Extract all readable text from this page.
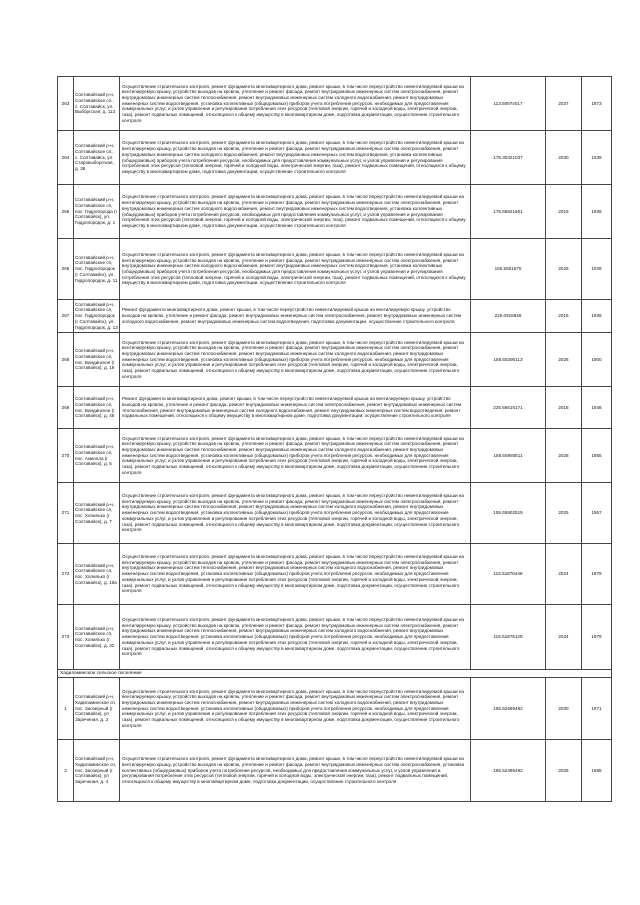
263	Солтавайский р-н, Солтавайское сп., с. Солтавайск, ул. Выборгская, д. 113	Осуществление строительного контроля, ремонт фундамента многоквартирного дома, ремонт крыши, в том числе переустройство невентилируемой крыши на вентилируемую крышу, устройство выходов на кровлю, утепление и ремонт фасада, ремонт внутридомовых инженерных систем электроснабжения, ремонт внутридомовых инженерных систем теплоснабжения, ремонт внутридомовых инженерных систем холодного водоснабжения, ремонт внутридомовых инженерных систем водоотведения, установка коллективных (общедомовых) приборов учета потребления ресурсов, необходимых для предоставления коммунальных услуг, и узлов управления и регулирования потребления этих ресурсов (тепловой энергии, горячей и холодной воды, электрической энергии, газа), ремонт подвальных помещений, относящихся к общему имуществу в многоквартирном доме, подготовка документации, осуществление строительного контроля	113.50974017	2037	1973
264	Солтавайский р-н, Солтавайское сп., с. Солтавайск, ул. Старовыборгская, д. 36	Осуществление строительного контроля, ремонт фундамента многоквартирного дома, ремонт крыши, в том числе переустройство невентилируемой крыши на вентилируемую крышу, устройство выходов на кровлю, утепление и ремонт фасада, ремонт внутридомовых инженерных систем электроснабжения, ремонт внутридомовых инженерных систем холодного водоснабжения, ремонт внутридомовых инженерных систем водоотведения, установка коллективных (общедомовых) приборов учета потребления ресурсов, необходимых для предоставления коммунальных услуг, и узлов управления и регулирования потребления этих ресурсов (тепловой энергии, горячей и холодной воды, электрической энергии, газа), ремонт подвальных помещений, относящихся к общему имуществу в многоквартирном доме, подготовка документации, осуществление строительного контроля	175.30421037	2030	1939
265	Солтавайский р-н, Солтавайское сп, пос. Гидропорода (г Солтавайск), ул. Гидропородок, д. 1	Осуществление строительного контроля, ремонт фундамента многоквартирного дома, ремонт крыши, в том числе переустройство невентилируемой крыши на вентилируемую крышу, устройство выходов на кровлю, утепление и ремонт фасада, ремонт внутридомовых инженерных систем электроснабжения, ремонт внутридомовых инженерных систем холодного водоснабжения, ремонт внутридомовых инженерных систем водоотведения, установка коллективных (общедомовых) приборов учета потребления ресурсов, необходимых для предоставления коммунальных услуг, и узлов управления и регулирования потребления этих ресурсов (тепловой энергии, горячей и холодной воды, электрической энергии, газа), ремонт подвальных помещений, относящихся к общему имуществу в многоквартирном доме, подготовка документации, осуществление строительного контроля	176.55821601	2019	1939
266	Солтавайский р-н, Солтавайское сп, пос. Гидропородок (г Солтавайск), ул. Гидропородок, д. 11	Осуществление строительного контроля, ремонт фундамента многоквартирного дома, ремонт крыши, в том числе переустройство невентилируемой крыши на вентилируемую крышу, устройство выходов на кровлю, утепление и ремонт фасада, ремонт внутридомовых инженерных систем электроснабжения, ремонт внутридомовых инженерных систем холодного водоснабжения, ремонт внутридомовых инженерных систем водоотведения, установка коллективных (общедомовых) приборов учета потребления ресурсов, необходимых для предоставления коммунальных услуг, и узлов управления и регулирования потребления этих ресурсов (тепловой энергии, горячей и холодной воды, электрической энергии, газа), ремонт подвальных помещений, относящихся к общему имуществу в многоквартирном доме, подготовка документации, осуществление строительного контроля	155.5551575	2025	1939
267	Солтавайский р-н, Солтавайское сп, пос. Гидропородок (г Солтавайск), ул. Гидропородок, д. 13	Ремонт фундамента многоквартирного дома, ремонт крыши, в том числе переустройство невентилируемой крыши на вентилируемую крышу, устройство выходов на кровлю, утепление и ремонт фасада, ремонт внутридомовых инженерных систем электроснабжения, ремонт внутридомовых инженерных систем холодного водоснабжения, ремонт внутридомовых инженерных систем водоотведения, подготовка документации, осуществление строительного контроля	225.0918848	2016	1939
268	Солтавайский р-н, Солтавайское сп, пос. Вандинское (г Солтавайск), д. 19	Осуществление строительного контроля, ремонт фундамента многоквартирного дома, ремонт крыши, в том числе переустройство невентилируемой крыши на вентилируемую крышу, устройство выходов на кровлю, утепление и ремонт фасада, ремонт внутридомовых инженерных систем электроснабжения, ремонт внутридомовых инженерных систем теплоснабжения, ремонт внутридомовых инженерных систем холодного водоснабжения, ремонт внутридомовых инженерных систем водоотведения, установка коллективных (общедомовых) приборов учета потребления ресурсов, необходимых для предоставления коммунальных услуг, и узлов управления и регулирования потребления этих ресурсов (тепловой энергии, горячей и холодной воды, электрической энергии, газа), ремонт подвальных помещений, относящихся к общему имуществу в многоквартирном доме, подготовка документации, осуществление строительного контроля	155.55390113	2026	1900
269	Солтавайский р-н, Солтавайское сп, пос. Вандинское (г Солтавайск), д. 46	Ремонт фундамента многоквартирного дома, ремонт крыши, в том числе переустройство невентилируемой крыши на вентилируемую крышу, устройство выходов на кровлю, утепление и ремонт фасада, ремонт внутридомовых инженерных систем электроснабжения, ремонт внутридомовых инженерных систем теплоснабжения, ремонт внутридомовых инженерных систем холодного водоснабжения, ремонт внутридомовых инженерных систем водоотведения, ремонт подвальных помещений, относящихся к общему имуществу в многоквартирном доме, подготовка документации, осуществление строительного контроля	225.56616171	2018	1948
270	Солтавайский р-н, Солтавайское сп, пос. Акмолла (г Солтавайск), д. 5	Осуществление строительного контроля, ремонт фундамента многоквартирного дома, ремонт крыши, в том числе переустройство невентилируемой крыши на вентилируемую крышу, устройство выходов на кровлю, утепление и ремонт фасада, ремонт внутридомовых инженерных систем электроснабжения, ремонт внутридомовых инженерных систем теплоснабжения, ремонт внутридомовых инженерных систем холодного водоснабжения, ремонт внутридомовых инженерных систем водоотведения, установка коллективных (общедомовых) приборов учета потребления ресурсов, необходимых для предоставления коммунальных услуг, и узлов управления и регулирования потребления этих ресурсов (тепловой энергии, горячей и холодной воды, электрической энергии, газа), ремонт подвальных помещений, относящихся к общему имуществу в многоквартирном доме, подготовка документации, осуществление строительного контроля	155.55993611	2028	1955
271	Солтавайский р-н, Солтавайское сп, пос. Хопилько (г Солтавайск), д. 7	Осуществление строительного контроля, ремонт фундамента многоквартирного дома, ремонт крыши, в том числе переустройство невентилируемой крыши на вентилируемую крышу, устройство выходов на кровлю, утепление и ремонт фасада, ремонт внутридомовых инженерных систем электроснабжения, ремонт внутридомовых инженерных систем теплоснабжения, ремонт внутридомовых инженерных систем холодного водоснабжения, ремонт внутридомовых инженерных систем водоотведения, установка коллективных (общедомовых) приборов учета потребления ресурсов, необходимых для предоставления коммунальных услуг, и узлов управления и регулирования потребления этих ресурсов (тепловой энергии, горячей и холодной воды, электрической энергии, газа), ремонт подвальных помещений, относящихся к общему имуществу в многоквартирном доме, подготовка документации, осуществление строительного контроля	155.55902519	2025	1957
272	Солтавайский р-н, Солтавайское сп, пос. Хопилько (г Солтавайск), д. 16а	Осуществление строительного контроля, ремонт фундамента многоквартирного дома, ремонт крыши, в том числе переустройство невентилируемой крыши на вентилируемую крышу, устройство выходов на кровлю, утепление и ремонт фасада, ремонт внутридомовых инженерных систем электроснабжения, ремонт внутридомовых инженерных систем теплоснабжения, ремонт внутридомовых инженерных систем холодного водоснабжения, ремонт внутридомовых инженерных систем водоотведения, установка коллективных (общедомовых) приборов учета потребления ресурсов, необходимых для предоставления коммунальных услуг, и узлов управления и регулирования потребления этих ресурсов (тепловой энергии, горячей и холодной воды, электрической энергии, газа), ремонт подвальных помещений, относящихся к общему имуществу в многоквартирном доме, подготовка документации, осуществление строительного контроля	115.51876448	2024	1979
273	Солтавайский р-н, Солтавайское сп, пос. Хопилько (г Солтавайск), д. 32	Осуществление строительного контроля, ремонт фундамента многоквартирного дома, ремонт крыши, в том числе переустройство невентилируемой крыши на вентилируемую крышу, устройство выходов на кровлю, утепление и ремонт фасада, ремонт внутридомовых инженерных систем электроснабжения, ремонт внутридомовых инженерных систем теплоснабжения, ремонт внутридомовых инженерных систем холодного водоснабжения, ремонт внутридомовых инженерных систем водоотведения, установка коллективных (общедомовых) приборов учета потребления ресурсов, необходимых для предоставления коммунальных услуг, и узлов управления и регулирования потребления этих ресурсов (тепловой энергии, горячей и холодной воды, электрической энергии, газа), ремонт подвальных помещений, относящихся к общему имуществу в многоквартирном доме, подготовка документации, осуществление строительного контроля	115.51875128	2034	1979
Хадиламинское сельское поселение					
1	Солтавайский р-н, Хадиламинское сп, пос. Заозерный (г Солтавайск), ул Зареченая, д. 2	Осуществление строительного контроля, ремонт фундамента многоквартирного дома, ремонт крыши, в том числе переустройство невентилируемой крыши на вентилируемую крышу, устройство выходов на кровлю, утепление и ремонт фасада, ремонт внутридомовых инженерных систем электроснабжения, ремонт внутридомовых инженерных систем теплоснабжения, ремонт внутридомовых инженерных систем холодного водоснабжения, ремонт внутридомовых инженерных систем водоотведения, установка коллективных (общедомовых) приборов учета потребления ресурсов, необходимых для предоставления коммунальных услуг, и узлов управления и регулирования потребления этих ресурсов (тепловой энергии, горячей и холодной воды, электрической энергии, газа), ремонт подвальных помещений, относящихся к общему имуществу в многоквартирном доме, подготовка документации, осуществление строительного контроля	155.52589482	2030	1971
2	Солтавайский р-н, Хадиламинское сп, пос. Заозерный (г Солтавайск), ул Зареченая, д. 4	Осуществление строительного контроля, ремонт фундамента многоквартирного дома, ремонт крыши, в том числе переустройство невентилируемой крыши на вентилируемую крышу, устройство выходов на кровлю, утепление и ремонт фасада, ремонт внутридомовых инженерных систем электроснабжения, установка коллективных (общедомовых) приборов учета потребления ресурсов, необходимых для предоставления коммунальных услуг, и узлов управления и регулирования потребления этих ресурсов (тепловой энергии, горячей и холодной воды, электрической энергии, газа), ремонт подвальных помещений, относящихся к общему имуществу в многоквартирном доме, подготовка документации, осуществление строительного контроля	155.52495482	2026	1965
